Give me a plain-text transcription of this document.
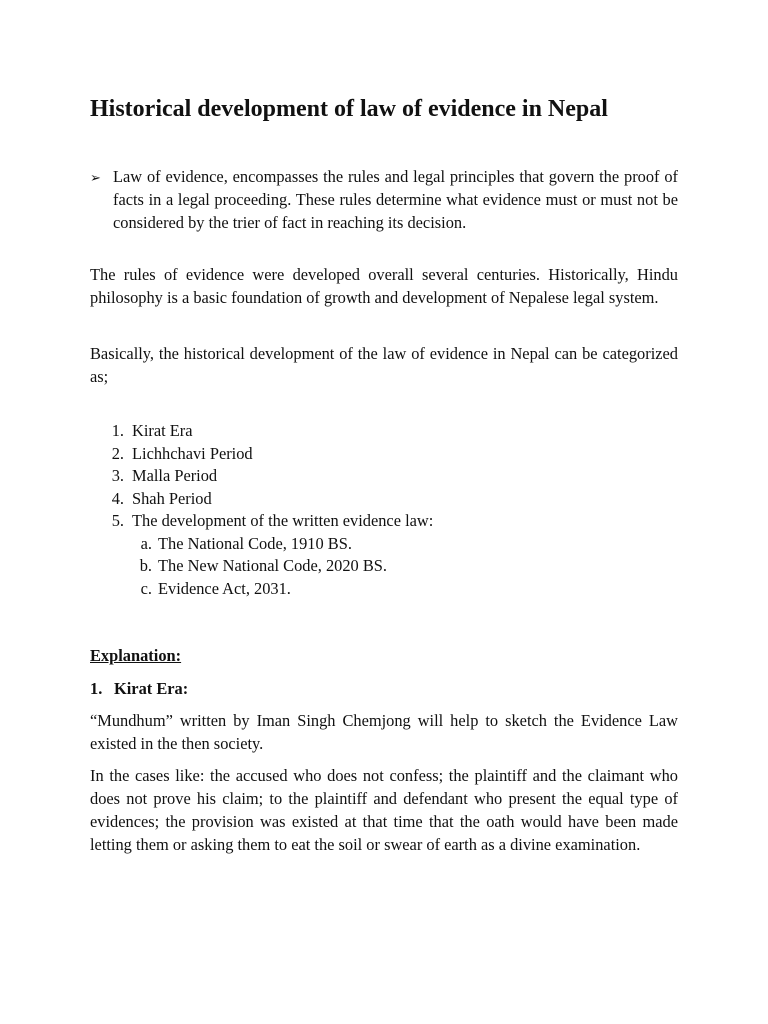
Historical development of law of evidence in Nepal
➢ Law of evidence, encompasses the rules and legal principles that govern the proof of facts in a legal proceeding. These rules determine what evidence must or must not be considered by the trier of fact in reaching its decision.

The rules of evidence were developed overall several centuries. Historically, Hindu philosophy is a basic foundation of growth and development of Nepalese legal system.

Basically, the historical development of the law of evidence in Nepal can be categorized as;

1. Kirat Era
2. Lichhchavi Period
3. Malla Period
4. Shah Period
5. The development of the written evidence law:
a. The National Code, 1910 BS.
b. The New National Code, 2020 BS.
c. Evidence Act, 2031.
Explanation:
1. Kirat Era:

“Mundhum” written by Iman Singh Chemjong will help to sketch the Evidence Law existed in the then society.

In the cases like: the accused who does not confess; the plaintiff and the claimant who does not prove his claim; to the plaintiff and defendant who present the equal type of evidences; the provision was existed at that time that the oath would have been made letting them or asking them to eat the soil or swear of earth as a divine examination.
